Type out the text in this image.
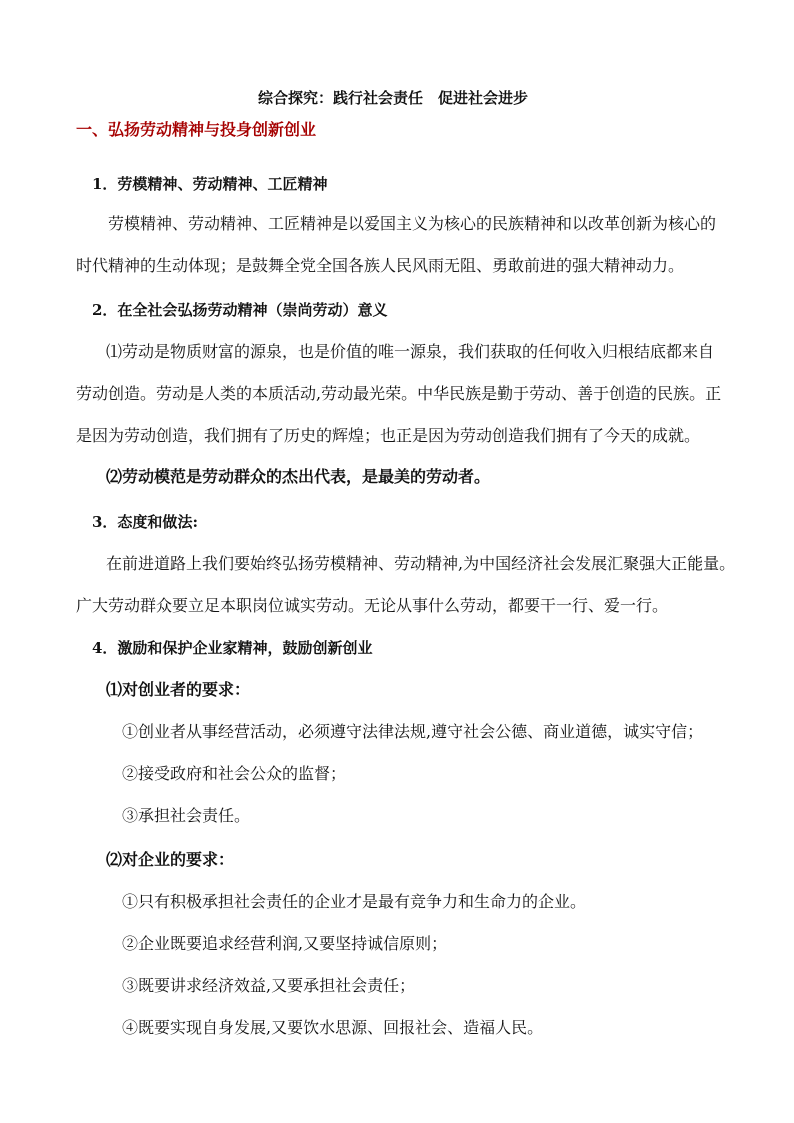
综合探究：践行社会责任　促进社会进步
一、弘扬劳动精神与投身创新创业
1．劳模精神、劳动精神、工匠精神
劳模精神、劳动精神、工匠精神是以爱国主义为核心的民族精神和以改革创新为核心的
时代精神的生动体现；是鼓舞全党全国各族人民风雨无阻、勇敢前进的强大精神动力。
2．在全社会弘扬劳动精神（崇尚劳动）意义
⑴劳动是物质财富的源泉，也是价值的唯一源泉，我们获取的任何收入归根结底都来自
劳动创造。劳动是人类的本质活动,劳动最光荣。中华民族是勤于劳动、善于创造的民族。正
是因为劳动创造，我们拥有了历史的辉煌；也正是因为劳动创造我们拥有了今天的成就。
⑵劳动模范是劳动群众的杰出代表，是最美的劳动者。
3．态度和做法:
在前进道路上我们要始终弘扬劳模精神、劳动精神,为中国经济社会发展汇聚强大正能量。
广大劳动群众要立足本职岗位诚实劳动。无论从事什么劳动，都要干一行、爱一行。
4．激励和保护企业家精神，鼓励创新创业
⑴对创业者的要求：
①创业者从事经营活动，必须遵守法律法规,遵守社会公德、商业道德，诚实守信；
②接受政府和社会公众的监督；
③承担社会责任。
⑵对企业的要求：
①只有积极承担社会责任的企业才是最有竞争力和生命力的企业。
②企业既要追求经营利润,又要坚持诚信原则；
③既要讲求经济效益,又要承担社会责任；
④既要实现自身发展,又要饮水思源、回报社会、造福人民。
